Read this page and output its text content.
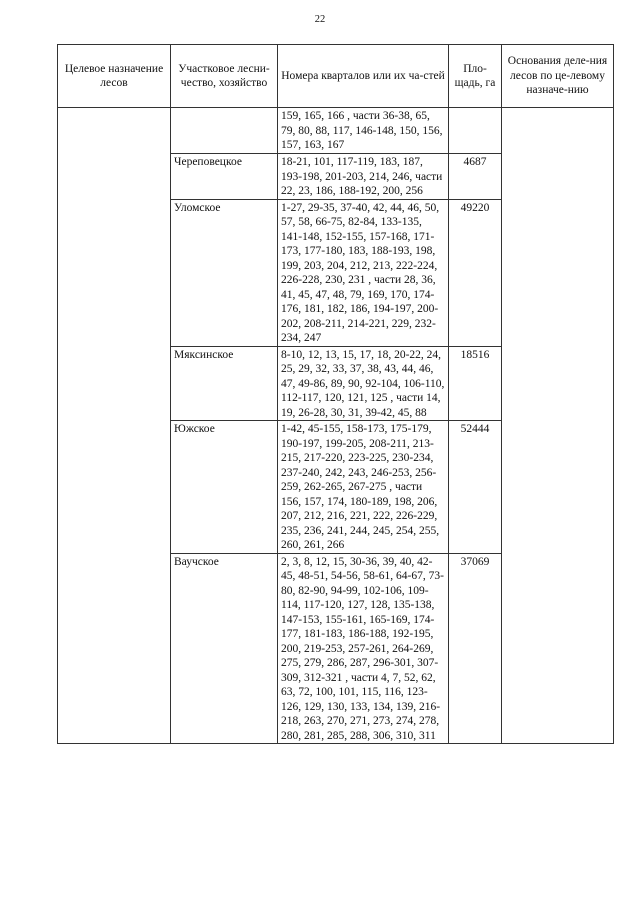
22
Целевое назначение лесов	Участковое лесни-чество, хозяйство	Номера кварталов или их ча-стей	Пло-щадь, га	Основания деле-ния лесов по це-левому назначе-нию
		159, 165, 166 , части 36-38, 65, 79, 80, 88, 117, 146-148, 150, 156, 157, 163, 167		
	Череповецкое	18-21, 101, 117-119, 183, 187, 193-198, 201-203, 214, 246, части 22, 23, 186, 188-192, 200, 256	4687	
	Уломское	1-27, 29-35, 37-40, 42, 44, 46, 50, 57, 58, 66-75, 82-84, 133-135, 141-148, 152-155, 157-168, 171-173, 177-180, 183, 188-193, 198, 199, 203, 204, 212, 213, 222-224, 226-228, 230, 231 , части 28, 36, 41, 45, 47, 48, 79, 169, 170, 174-176, 181, 182, 186, 194-197, 200-202, 208-211, 214-221, 229, 232-234, 247	49220	
	Мяксинское	8-10, 12, 13, 15, 17, 18, 20-22, 24, 25, 29, 32, 33, 37, 38, 43, 44, 46, 47, 49-86, 89, 90, 92-104, 106-110, 112-117, 120, 121, 125 , части 14, 19, 26-28, 30, 31, 39-42, 45, 88	18516	
	Южское	1-42, 45-155, 158-173, 175-179, 190-197, 199-205, 208-211, 213-215, 217-220, 223-225, 230-234, 237-240, 242, 243, 246-253, 256-259, 262-265, 267-275 , части 156, 157, 174, 180-189, 198, 206, 207, 212, 216, 221, 222, 226-229, 235, 236, 241, 244, 245, 254, 255, 260, 261, 266	52444	
	Ваучское	2, 3, 8, 12, 15, 30-36, 39, 40, 42-45, 48-51, 54-56, 58-61, 64-67, 73-80, 82-90, 94-99, 102-106, 109-114, 117-120, 127, 128, 135-138, 147-153, 155-161, 165-169, 174-177, 181-183, 186-188, 192-195, 200, 219-253, 257-261, 264-269, 275, 279, 286, 287, 296-301, 307-309, 312-321 , части 4, 7, 52, 62, 63, 72, 100, 101, 115, 116, 123-126, 129, 130, 133, 134, 139, 216-218, 263, 270, 271, 273, 274, 278, 280, 281, 285, 288, 306, 310, 311	37069	
